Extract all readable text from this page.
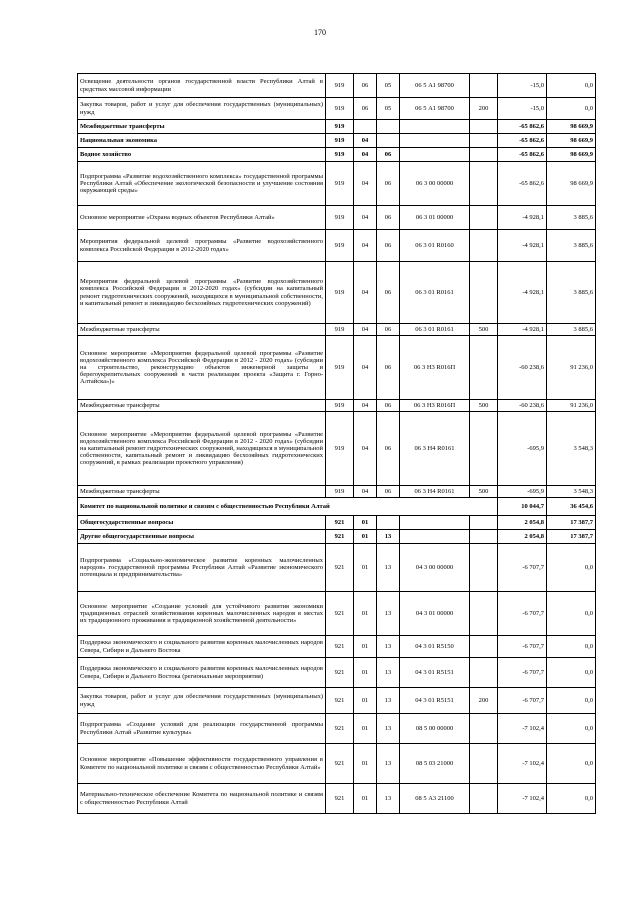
170
Освещение деятельности органов государственной власти Республики Алтай в средствах массовой информации	919	06	05	06 5 А1 98700		-15,0	0,0
Закупка товаров, работ и услуг для обеспечения государственных (муниципальных) нужд	919	06	05	06 5 А1 98700	200	-15,0	0,0
Межбюджетные трансферты	919					-65 862,6	98 669,9
Национальная экономика	919	04				-65 862,6	98 669,9
Водное хозяйство	919	04	06			-65 862,6	98 669,9
Подпрограмма «Развитие водохозяйственного комплекса» государственной программы Республики Алтай «Обеспечение экологической безопасности и улучшение состояния окружающей среды»	919	04	06	06 3 00 00000		-65 862,6	98 669,9
Основное мероприятие «Охрана водных объектов Республики Алтай»	919	04	06	06 3 01 00000		-4 928,1	3 885,6
Мероприятия федеральной целевой программы «Развитие водохозяйственного комплекса Российской Федерации в 2012-2020 годах»	919	04	06	06 3 01 R0160		-4 928,1	3 885,6
Мероприятия федеральной целевой программы «Развитие водохозяйственного комплекса Российской Федерации в 2012-2020 годах» (субсидии на капитальный ремонт гидротехнических сооружений, находящихся в муниципальной собственности, и капитальный ремонт и ликвидацию бесхозяйных гидротехнических сооружений)	919	04	06	06 3 01 R0161		-4 928,1	3 885,6
Межбюджетные трансферты	919	04	06	06 3 01 R0161	500	-4 928,1	3 885,6
Основное мероприятие «Мероприятия федеральной целевой программы «Развитие водохозяйственного комплекса Российской Федерации в 2012 - 2020 годах» (субсидии на строительство, реконструкцию объектов инженерной защиты и берегоукрепительных сооружений в части реализации проекта «Защита г. Горно-Алтайска»)»	919	04	06	06 3 Н3 R016П		-60 238,6	91 236,0
Межбюджетные трансферты	919	04	06	06 3 Н3 R016П	500	-60 238,6	91 236,0
Основное мероприятие «Мероприятия федеральной целевой программы «Развитие водохозяйственного комплекса Российской Федерации в 2012 - 2020 годах» (субсидии на капитальный ремонт гидротехнических сооружений, находящихся в муниципальной собственности, капитальный ремонт и ликвидацию бесхозяйных гидротехнических сооружений, в рамках реализации проектного управления)	919	04	06	06 3 Н4 R0161		-695,9	3 548,3
Межбюджетные трансферты	919	04	06	06 3 Н4 R0161	500	-695,9	3 548,3
Комитет по национальной политике и связям с общественностью Республики Алтай						10 044,7	36 454,6
Общегосударственные вопросы	921	01				2 054,8	17 387,7
Другие общегосударственные вопросы	921	01	13			2 054,8	17 387,7
Подпрограмма «Социально-экономическое развитие коренных малочисленных народов» государственной программы Республики Алтай «Развитие экономического потенциала и предпринимательства»	921	01	13	04 3 00 00000		-6 707,7	0,0
Основное мероприятие «Создание условий для устойчивого развития экономики традиционных отраслей хозяйствования коренных малочисленных народов в местах их традиционного проживания и традиционной хозяйственной деятельности»	921	01	13	04 3 01 00000		-6 707,7	0,0
Поддержка экономического и социального развития коренных малочисленных народов Севера, Сибири и Дальнего Востока	921	01	13	04 3 01 R5150		-6 707,7	0,0
Поддержка экономического и социального развития коренных малочисленных народов Севера, Сибири и Дальнего Востока (региональные мероприятия)	921	01	13	04 3 01 R5151		-6 707,7	0,0
Закупка товаров, работ и услуг для обеспечения государственных (муниципальных) нужд	921	01	13	04 3 01 R5151	200	-6 707,7	0,0
Подпрограмма «Создание условий для реализации государственной программы Республики Алтай «Развитие культуры»	921	01	13	08 5 00 00000		-7 102,4	0,0
Основное мероприятие «Повышение эффективности государственного управления в Комитете по национальной политике и связям с общественностью Республики Алтай»	921	01	13	08 5 03 21000		-7 102,4	0,0
Материально-техническое обеспечение Комитета по национальной политике и связям с общественностью Республики Алтай	921	01	13	08 5 А3 21100		-7 102,4	0,0
